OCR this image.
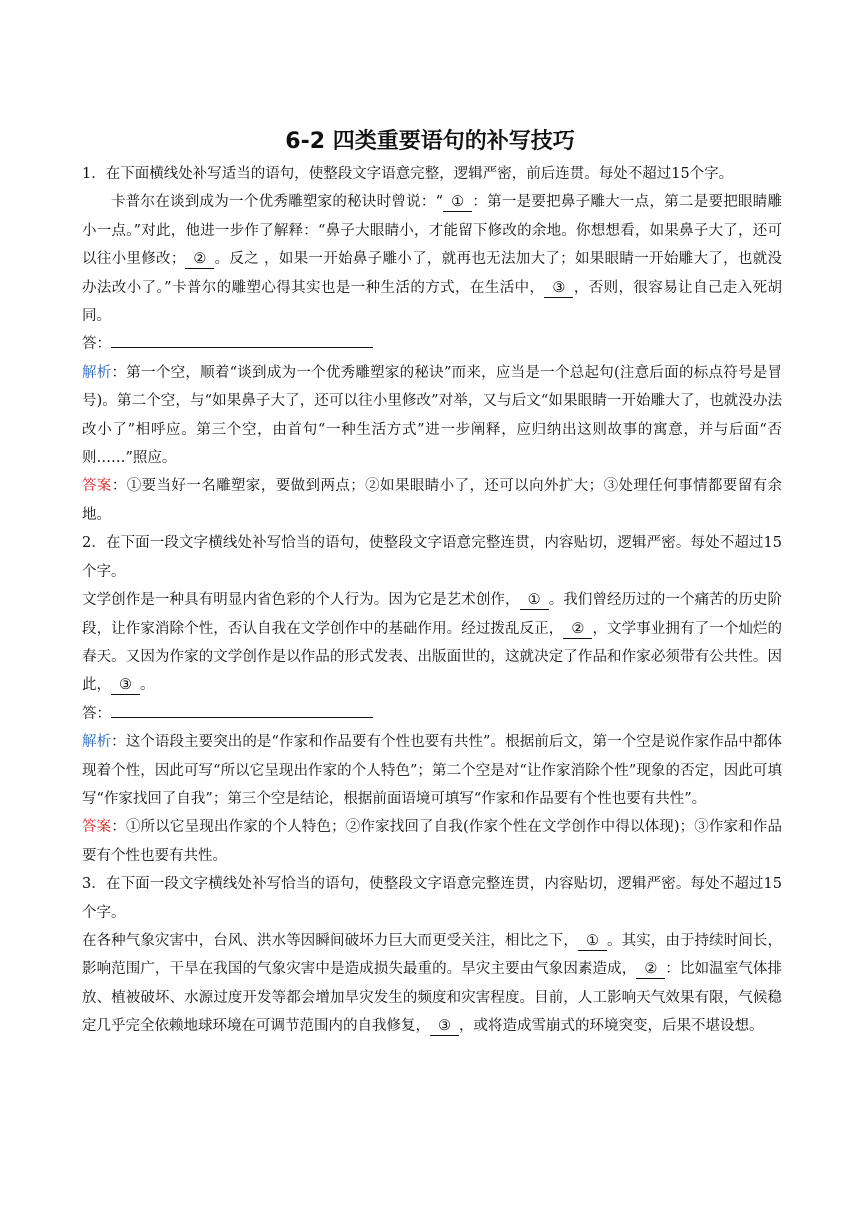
6-2 四类重要语句的补写技巧

1．在下面横线处补写适当的语句，使整段文字语意完整，逻辑严密，前后连贯。每处不超过15个字。

卡普尔在谈到成为一个优秀雕塑家的秘诀时曾说：“ ① ：第一是要把鼻子雕大一点，第二是要把眼睛雕小一点。”对此，他进一步作了解释：“鼻子大眼睛小，才能留下修改的余地。你想想看，如果鼻子大了，还可以往小里修改； ② 。反之 ，如果一开始鼻子雕小了，就再也无法加大了；如果眼睛一开始雕大了，也就没办法改小了。”卡普尔的雕塑心得其实也是一种生活的方式，在生活中， ③ ，否则，很容易让自己走入死胡同。

答：

解析：第一个空，顺着“谈到成为一个优秀雕塑家的秘诀”而来，应当是一个总起句(注意后面的标点符号是冒号)。第二个空，与“如果鼻子大了，还可以往小里修改”对举，又与后文“如果眼睛一开始雕大了，也就没办法改小了”相呼应。第三个空，由首句“一种生活方式”进一步阐释，应归纳出这则故事的寓意，并与后面“否则……”照应。

答案：①要当好一名雕塑家，要做到两点；②如果眼睛小了，还可以向外扩大；③处理任何事情都要留有余地。

2．在下面一段文字横线处补写恰当的语句，使整段文字语意完整连贯，内容贴切，逻辑严密。每处不超过15个字。

文学创作是一种具有明显内省色彩的个人行为。因为它是艺术创作， ① 。我们曾经历过的一个痛苦的历史阶段，让作家消除个性，否认自我在文学创作中的基础作用。经过拨乱反正， ② ，文学事业拥有了一个灿烂的春天。又因为作家的文学创作是以作品的形式发表、出版面世的，这就决定了作品和作家必须带有公共性。因此， ③ 。

答：

解析：这个语段主要突出的是“作家和作品要有个性也要有共性”。根据前后文，第一个空是说作家作品中都体现着个性，因此可写“所以它呈现出作家的个人特色”；第二个空是对“让作家消除个性”现象的否定，因此可填写“作家找回了自我”；第三个空是结论，根据前面语境可填写“作家和作品要有个性也要有共性”。

答案：①所以它呈现出作家的个人特色；②作家找回了自我(作家个性在文学创作中得以体现)；③作家和作品要有个性也要有共性。

3．在下面一段文字横线处补写恰当的语句，使整段文字语意完整连贯，内容贴切，逻辑严密。每处不超过15个字。

在各种气象灾害中，台风、洪水等因瞬间破坏力巨大而更受关注，相比之下， ① 。其实，由于持续时间长，影响范围广，干旱在我国的气象灾害中是造成损失最重的。旱灾主要由气象因素造成， ② ：比如温室气体排放、植被破坏、水源过度开发等都会增加旱灾发生的频度和灾害程度。目前，人工影响天气效果有限，气候稳定几乎完全依赖地球环境在可调节范围内的自我修复， ③ ，或将造成雪崩式的环境突变，后果不堪设想。
